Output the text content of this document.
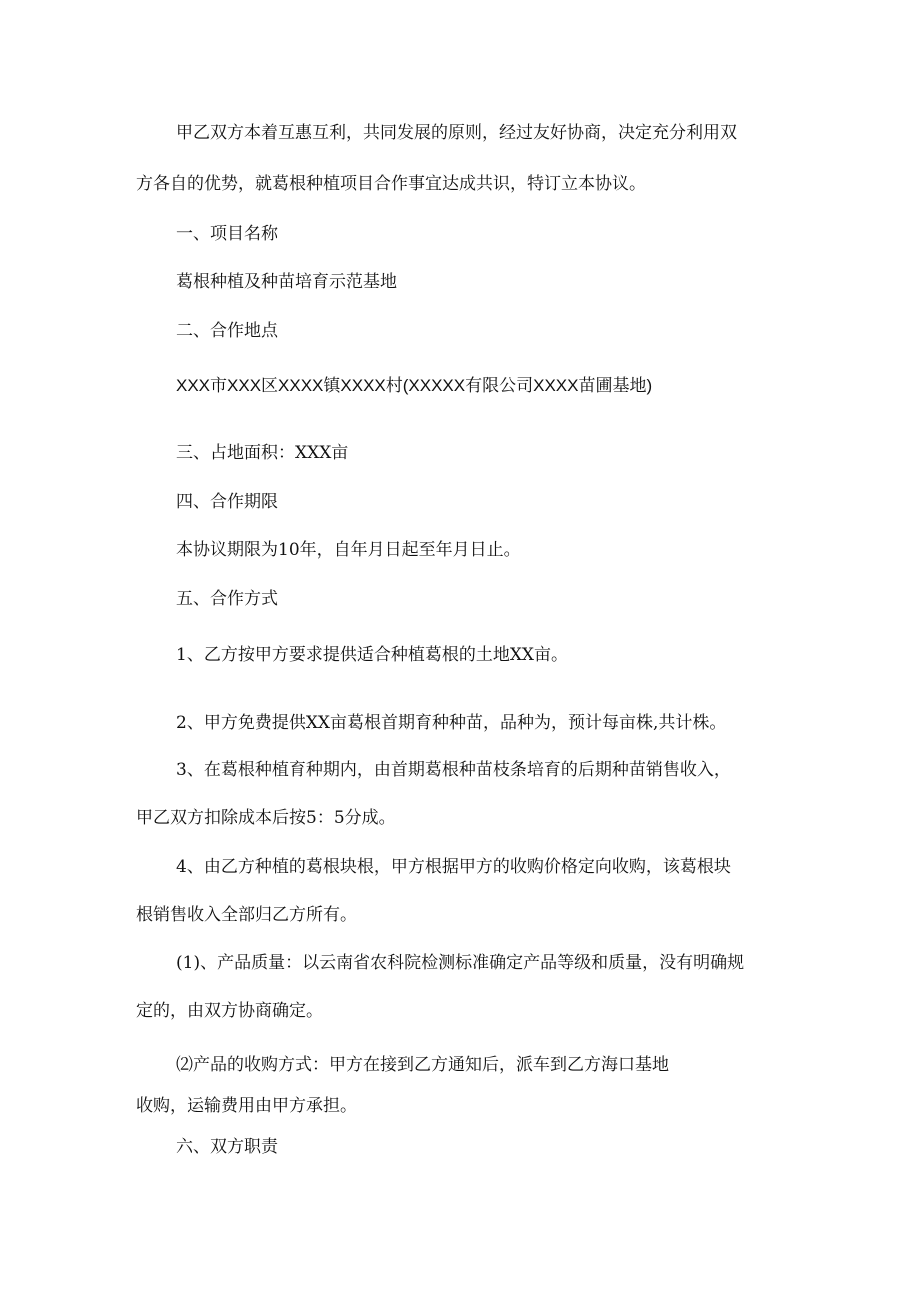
甲乙双方本着互惠互利，共同发展的原则，经过友好协商，决定充分利用双
方各自的优势，就葛根种植项目合作事宜达成共识，特订立本协议。
一、项目名称
葛根种植及种苗培育示范基地
二、合作地点
XXX市XXX区XXXX镇XXXX村(XXXXX有限公司XXXX苗圃基地)
三、占地面积：XXX亩
四、合作期限
本协议期限为10年，自年月日起至年月日止。
五、合作方式
1、乙方按甲方要求提供适合种植葛根的土地XX亩。
2、甲方免费提供XX亩葛根首期育种种苗，品种为，预计每亩株,共计株。
3、在葛根种植育种期内，由首期葛根种苗枝条培育的后期种苗销售收入，
甲乙双方扣除成本后按5：5分成。
4、由乙方种植的葛根块根，甲方根据甲方的收购价格定向收购，该葛根块
根销售收入全部归乙方所有。
(1)、产品质量：以云南省农科院检测标准确定产品等级和质量，没有明确规
定的，由双方协商确定。
⑵产品的收购方式：甲方在接到乙方通知后，派车到乙方海口基地
收购，运输费用由甲方承担。
六、双方职责
